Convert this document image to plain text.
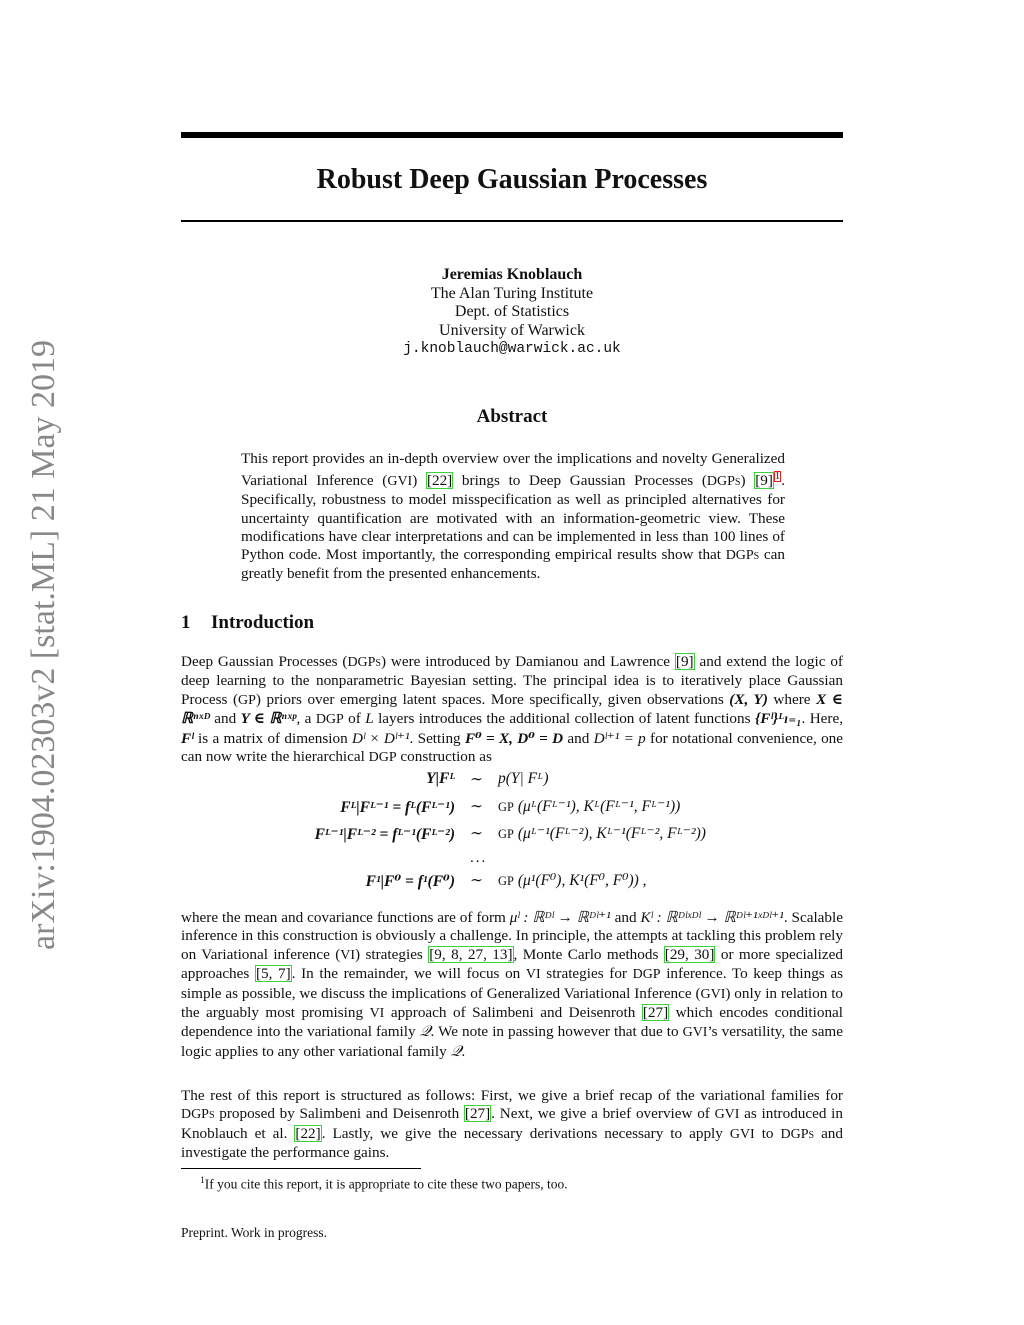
arXiv:1904.02303v2 [stat.ML] 21 May 2019
Robust Deep Gaussian Processes
Jeremias Knoblauch
The Alan Turing Institute
Dept. of Statistics
University of Warwick
j.knoblauch@warwick.ac.uk
Abstract

This report provides an in-depth overview over the implications and novelty Generalized Variational Inference (GVI) [22] brings to Deep Gaussian Processes (DGPs) [9] $^1$. Specifically, robustness to model misspecification as well as principled alternatives for uncertainty quantification are motivated with an information-geometric view. These modifications have clear interpretations and can be implemented in less than 100 lines of Python code. Most importantly, the corresponding empirical results show that DGPs can greatly benefit from the presented enhancements.

1 Introduction

Deep Gaussian Processes (DGPs) were introduced by Damianou and Lawrence [9] and extend the logic of deep learning to the nonparametric Bayesian setting. The principal idea is to iteratively place Gaussian Process (GP) priors over emerging latent spaces. More specifically, given observations (X, Y) where X ∈ ℝⁿˣᴰ and Y ∈ ℝⁿˣᵖ, a DGP of L layers introduces the additional collection of latent functions {Fˡ}ᴸₗ₌₁. Here, Fˡ is a matrix of dimension Dˡ × Dˡ⁺¹. Setting F⁰ = X, D⁰ = D and Dˡ⁺¹ = p for notational convenience, one can now write the hierarchical DGP construction as

Y|Fᴸ ∼ p(Y| Fᴸ)
Fᴸ|Fᴸ⁻¹ = fᴸ(Fᴸ⁻¹) ∼ GP (μᴸ(Fᴸ⁻¹), Kᴸ(Fᴸ⁻¹, Fᴸ⁻¹))
Fᴸ⁻¹|Fᴸ⁻² = fᴸ⁻¹(Fᴸ⁻²) ∼ GP (μᴸ⁻¹(Fᴸ⁻²), Kᴸ⁻¹(Fᴸ⁻², Fᴸ⁻²))
...
F¹|F⁰ = f¹(F⁰) ∼ GP (μ¹(F⁰), K¹(F⁰, F⁰)) ,

where the mean and covariance functions are of form μˡ : ℝᴰˡ → ℝᴰˡ⁺¹ and Kˡ : ℝᴰˡˣᴰˡ → ℝᴰˡ⁺¹ˣᴰˡ⁺¹. Scalable inference in this construction is obviously a challenge. In principle, the attempts at tackling this problem rely on Variational inference (VI) strategies [9, 8, 27, 13], Monte Carlo methods [29, 30] or more specialized approaches [5, 7]. In the remainder, we will focus on VI strategies for DGP inference. To keep things as simple as possible, we discuss the implications of Generalized Variational Inference (GVI) only in relation to the arguably most promising VI approach of Salimbeni and Deisenroth [27] which encodes conditional dependence into the variational family 𝒬. We note in passing however that due to GVI’s versatility, the same logic applies to any other variational family 𝒬.

The rest of this report is structured as follows: First, we give a brief recap of the variational families for DGPs proposed by Salimbeni and Deisenroth [27]. Next, we give a brief overview of GVI as introduced in Knoblauch et al. [22]. Lastly, we give the necessary derivations necessary to apply GVI to DGPs and investigate the performance gains.

$^1$If you cite this report, it is appropriate to cite these two papers, too.

Preprint. Work in progress.
